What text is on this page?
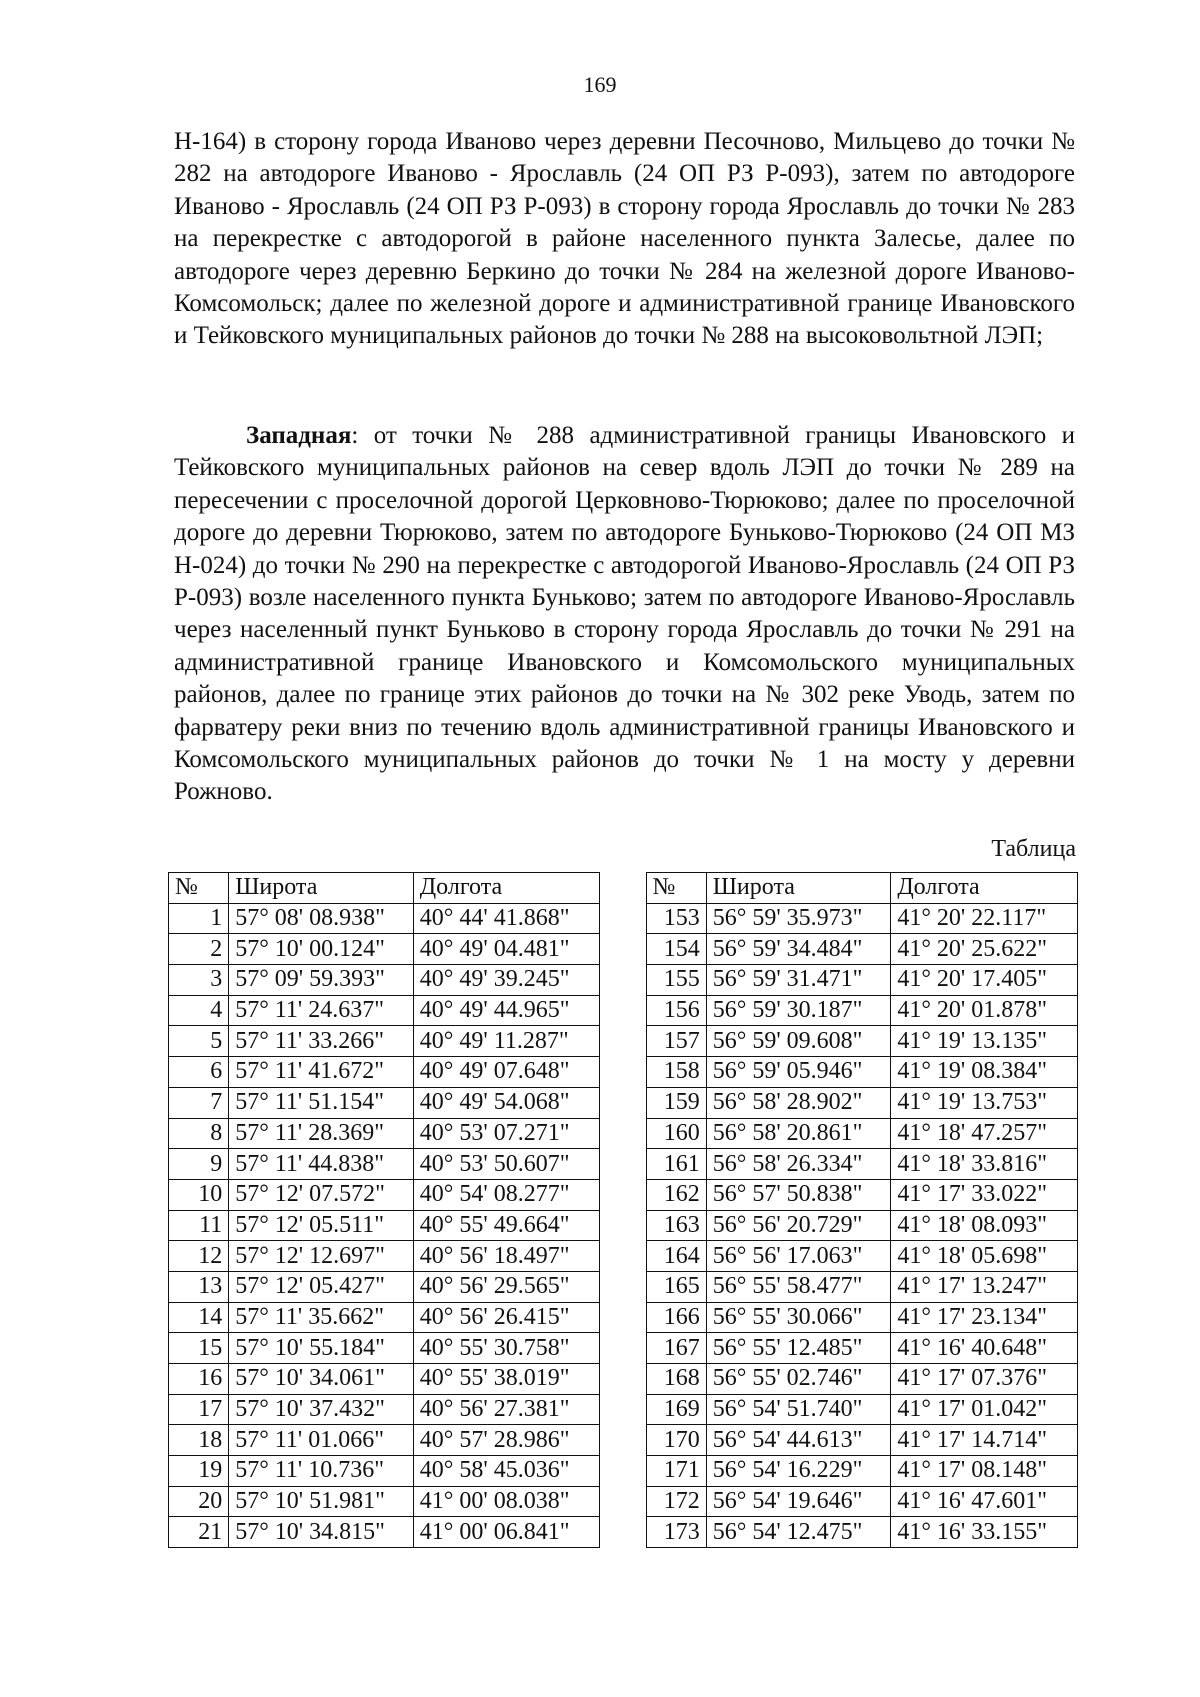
169
Н-164) в сторону города Иваново через деревни Песочново, Мильцево до точки № 282 на автодороге Иваново - Ярославль (24 ОП РЗ Р-093), затем по автодороге Иваново - Ярославль (24 ОП РЗ Р-093) в сторону города Ярославль до точки № 283 на перекрестке с автодорогой в районе населенного пункта Залесье, далее по автодороге через деревню Беркино до точки № 284 на железной дороге Иваново-Комсомольск; далее по железной дороге и административной границе Ивановского и Тейковского муниципальных районов до точки № 288 на высоковольтной ЛЭП;
Западная: от точки № 288 административной границы Ивановского и Тейковского муниципальных районов на север вдоль ЛЭП до точки № 289 на пересечении с проселочной дорогой Церковново-Тюрюково; далее по проселочной дороге до деревни Тюрюково, затем по автодороге Буньково-Тюрюково (24 ОП МЗ Н-024) до точки № 290 на перекрестке с автодорогой Иваново-Ярославль (24 ОП РЗ Р-093) возле населенного пункта Буньково; затем по автодороге Иваново-Ярославль через населенный пункт Буньково в сторону города Ярославль до точки № 291 на административной границе Ивановского и Комсомольского муниципальных районов, далее по границе этих районов до точки на № 302 реке Уводь, затем по фарватеру реки вниз по течению вдоль административной границы Ивановского и Комсомольского муниципальных районов до точки № 1 на мосту у деревни Рожново.
Таблица
№	Широта	Долгота		№	Широта	Долгота
1	57° 08' 08.938"	40° 44' 41.868"		153	56° 59' 35.973"	41° 20' 22.117"
2	57° 10' 00.124"	40° 49' 04.481"		154	56° 59' 34.484"	41° 20' 25.622"
3	57° 09' 59.393"	40° 49' 39.245"		155	56° 59' 31.471"	41° 20' 17.405"
4	57° 11' 24.637"	40° 49' 44.965"		156	56° 59' 30.187"	41° 20' 01.878"
5	57° 11' 33.266"	40° 49' 11.287"		157	56° 59' 09.608"	41° 19' 13.135"
6	57° 11' 41.672"	40° 49' 07.648"		158	56° 59' 05.946"	41° 19' 08.384"
7	57° 11' 51.154"	40° 49' 54.068"		159	56° 58' 28.902"	41° 19' 13.753"
8	57° 11' 28.369"	40° 53' 07.271"		160	56° 58' 20.861"	41° 18' 47.257"
9	57° 11' 44.838"	40° 53' 50.607"		161	56° 58' 26.334"	41° 18' 33.816"
10	57° 12' 07.572"	40° 54' 08.277"		162	56° 57' 50.838"	41° 17' 33.022"
11	57° 12' 05.511"	40° 55' 49.664"		163	56° 56' 20.729"	41° 18' 08.093"
12	57° 12' 12.697"	40° 56' 18.497"		164	56° 56' 17.063"	41° 18' 05.698"
13	57° 12' 05.427"	40° 56' 29.565"		165	56° 55' 58.477"	41° 17' 13.247"
14	57° 11' 35.662"	40° 56' 26.415"		166	56° 55' 30.066"	41° 17' 23.134"
15	57° 10' 55.184"	40° 55' 30.758"		167	56° 55' 12.485"	41° 16' 40.648"
16	57° 10' 34.061"	40° 55' 38.019"		168	56° 55' 02.746"	41° 17' 07.376"
17	57° 10' 37.432"	40° 56' 27.381"		169	56° 54' 51.740"	41° 17' 01.042"
18	57° 11' 01.066"	40° 57' 28.986"		170	56° 54' 44.613"	41° 17' 14.714"
19	57° 11' 10.736"	40° 58' 45.036"		171	56° 54' 16.229"	41° 17' 08.148"
20	57° 10' 51.981"	41° 00' 08.038"		172	56° 54' 19.646"	41° 16' 47.601"
21	57° 10' 34.815"	41° 00' 06.841"		173	56° 54' 12.475"	41° 16' 33.155"
